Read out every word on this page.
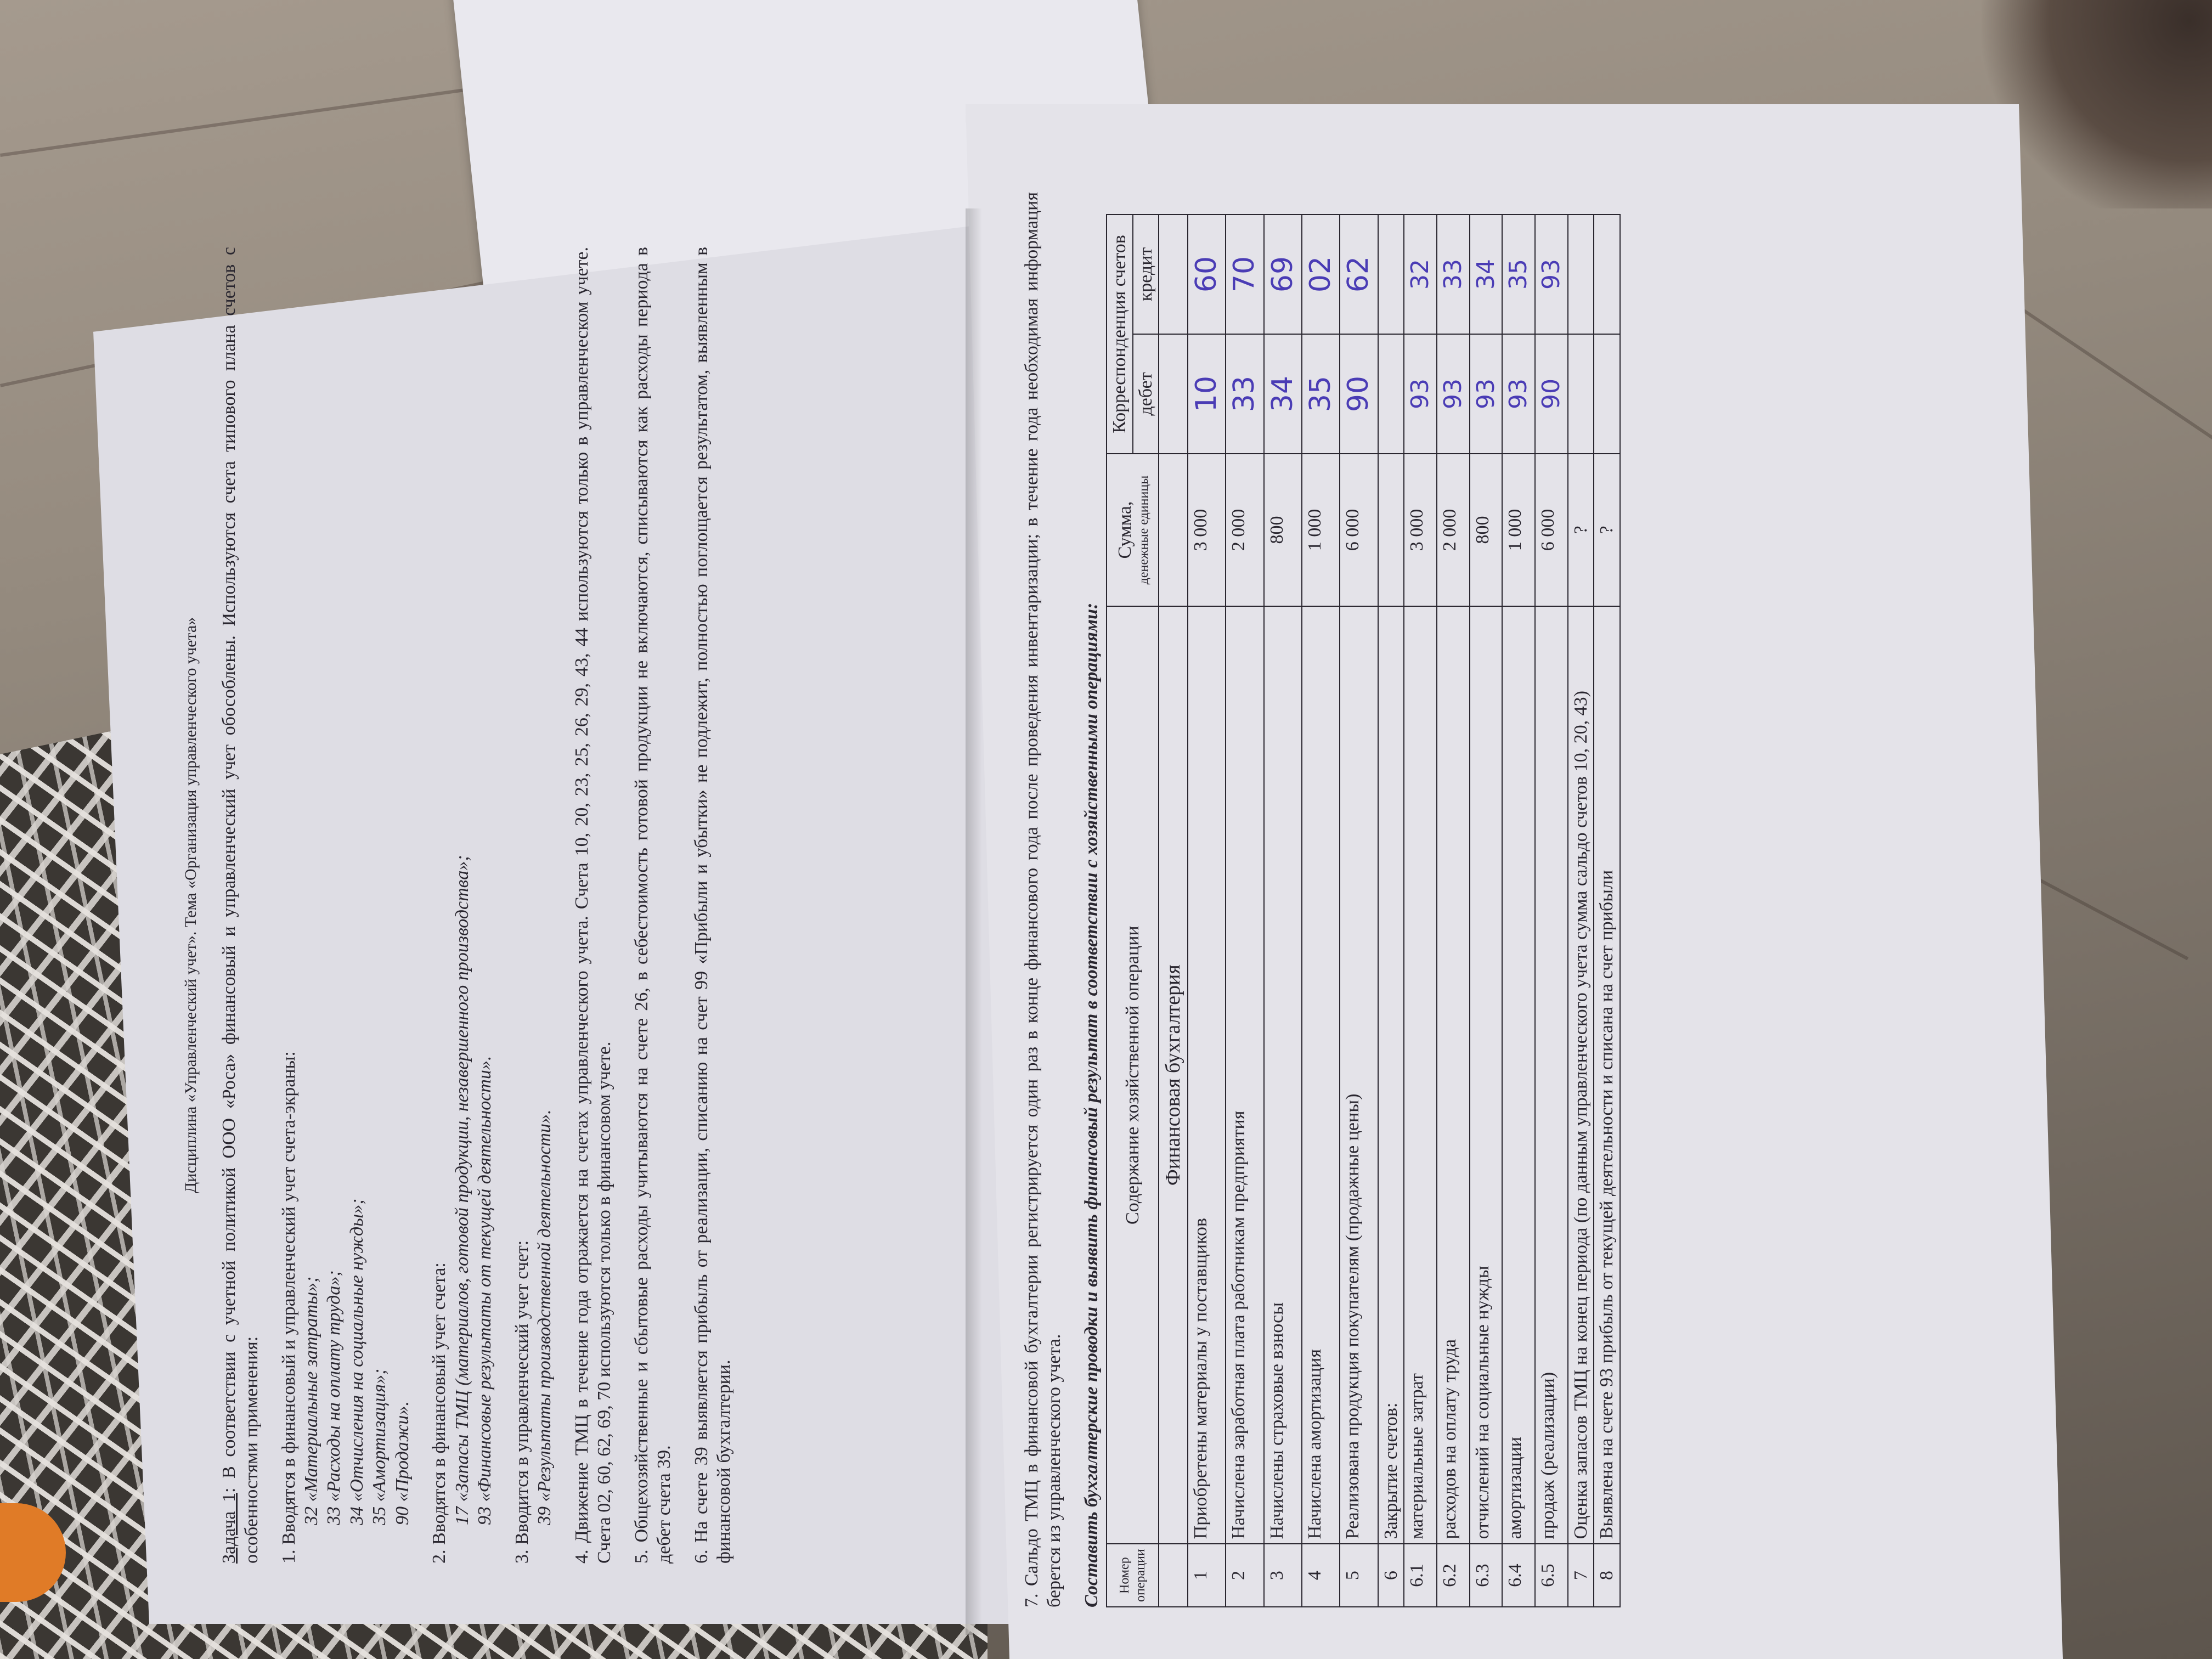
Дисциплина «Управленческий учет». Тема «Организация управленческого учета»

Задача 1: В соответствии с учетной политикой ООО «Роса» финансовый и управленческий учет обособлены. Используются счета типового плана счетов с особенностями применения: 1. Вводятся в финансовый и управленческий учет счета-экраны: 32 «Материальные затраты»; 33 «Расходы на оплату труда»; 34 «Отчисления на социальные нужды»; 35 «Амортизация»; 90 «Продажи». 2. Вводятся в финансовый учет счета: 17 «Запасы ТМЦ (материалов, готовой продукции, незавершенного производства»; 93 «Финансовые результаты от текущей деятельности». 3. Вводится в управленческий учет счет: 39 «Результаты производственной деятельности». 4. Движение ТМЦ в течение года отражается на счетах управленческого учета. Счета 10, 20, 23, 25, 26, 29, 43, 44 используются только в управленческом учете. Счета 02, 60, 62, 69, 70 используются только в финансовом учете. 5. Общехозяйственные и сбытовые расходы учитываются на счете 26, в себестоимость готовой продукции не включаются, списываются как расходы периода в дебет счета 39. 6. На счете 39 выявляется прибыль от реализации, списанию на счет 99 «Прибыли и убытки» не подлежит, полностью поглощается результатом, выявленным в финансовой бухгалтерии.	7. Сальдо ТМЦ в финансовой бухгалтерии регистрируется один раз в конце финансового года после проведения инвентаризации; в течение года необходимая информация берется из управленческого учета. Составить бухгалтерские проводки и выявить финансовый результат в соответствии с хозяйственными операциями: Номер операции	Содержание хозяйственной операции	Сумма, денежные единицы	Корреспонденция счетов	
			дебет	кредит
	Финансовая бухгалтерия			
1	Приобретены материалы у поставщиков	3 000	10	60
2	Начислена заработная плата работникам предприятия	2 000	33	70
3	Начислены страховые взносы	800	34	69
4	Начислена амортизация	1 000	35	02
5	Реализована продукция покупателям (продажные цены)	6 000	90	62
6	Закрытие счетов:			
6.1	материальные затрат	3 000	93	32
6.2	расходов на оплату труда	2 000	93	33
6.3	отчислений на социальные нужды	800	93	34
6.4	амортизации	1 000	93	35
6.5	продаж (реализации)	6 000	90	93
7	Оценка запасов ТМЦ на конец периода (по данным управленческого учета сумма сальдо счетов 10, 20, 43)	?		
8	Выявлена на счете 93 прибыль от текущей деятельности и списана на счет прибыли	?		
